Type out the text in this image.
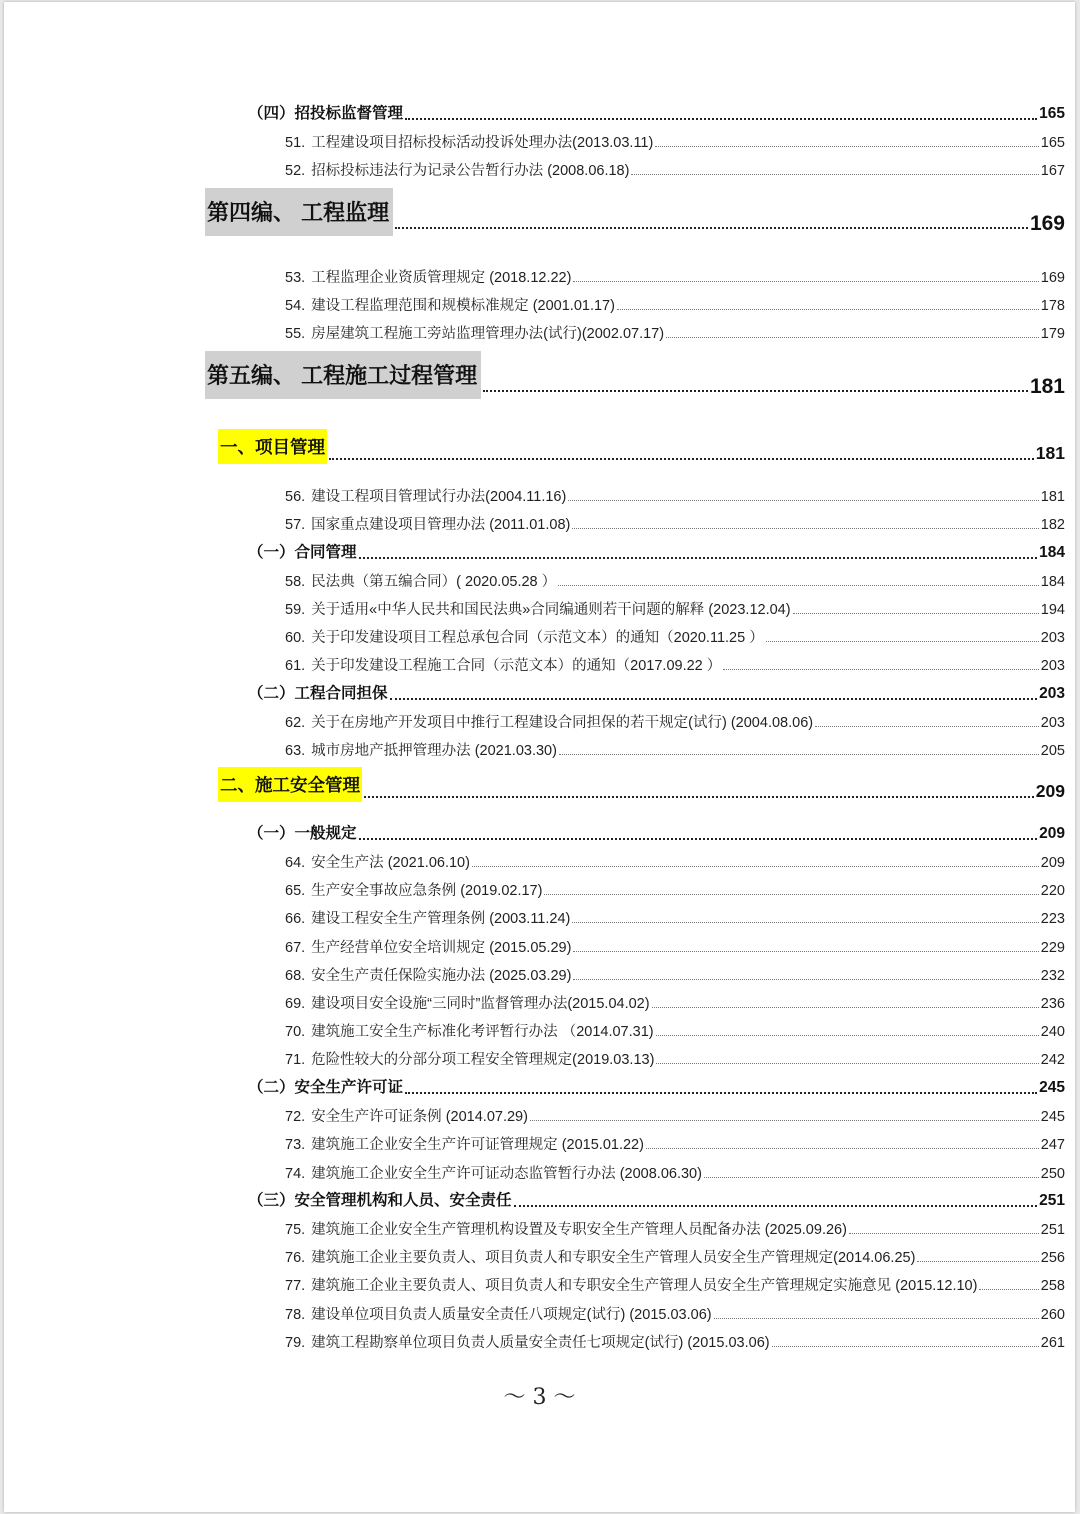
（四）招投标监督管理	165
51. 工程建设项目招标投标活动投诉处理办法(2013.03.11)	165
52. 招标投标违法行为记录公告暂行办法 (2008.06.18)	167
第四编、 工程监理	169
53. 工程监理企业资质管理规定 (2018.12.22)	169
54. 建设工程监理范围和规模标准规定 (2001.01.17)	178
55. 房屋建筑工程施工旁站监理管理办法(试行)(2002.07.17)	179
第五编、 工程施工过程管理	181
一、项目管理	181
56. 建设工程项目管理试行办法(2004.11.16)	181
57. 国家重点建设项目管理办法 (2011.01.08)	182
（一）合同管理	184
58. 民法典（第五编合同）( 2020.05.28 ）	184
59. 关于适用«中华人民共和国民法典»合同编通则若干问题的解释 (2023.12.04)	194
60. 关于印发建设项目工程总承包合同（示范文本）的通知（2020.11.25 ）	203
61. 关于印发建设工程施工合同（示范文本）的通知（2017.09.22 ）	203
（二）工程合同担保	203
62. 关于在房地产开发项目中推行工程建设合同担保的若干规定(试行) (2004.08.06)	203
63. 城市房地产抵押管理办法 (2021.03.30)	205
二、施工安全管理	209
（一）一般规定	209
64. 安全生产法 (2021.06.10)	209
65. 生产安全事故应急条例 (2019.02.17)	220
66. 建设工程安全生产管理条例 (2003.11.24)	223
67. 生产经营单位安全培训规定 (2015.05.29)	229
68. 安全生产责任保险实施办法 (2025.03.29)	232
69. 建设项目安全设施“三同时”监督管理办法(2015.04.02)	236
70. 建筑施工安全生产标准化考评暂行办法 （2014.07.31)	240
71. 危险性较大的分部分项工程安全管理规定(2019.03.13)	242
（二）安全生产许可证	245
72. 安全生产许可证条例 (2014.07.29)	245
73. 建筑施工企业安全生产许可证管理规定 (2015.01.22)	247
74. 建筑施工企业安全生产许可证动态监管暂行办法 (2008.06.30)	250
（三）安全管理机构和人员、安全责任	251
75. 建筑施工企业安全生产管理机构设置及专职安全生产管理人员配备办法 (2025.09.26)	251
76. 建筑施工企业主要负责人、项目负责人和专职安全生产管理人员安全生产管理规定(2014.06.25)	256
77. 建筑施工企业主要负责人、项目负责人和专职安全生产管理人员安全生产管理规定实施意见 (2015.12.10)	258
78. 建设单位项目负责人质量安全责任八项规定(试行) (2015.03.06)	260
79. 建筑工程勘察单位项目负责人质量安全责任七项规定(试行) (2015.03.06)	261
～ 3 ～
